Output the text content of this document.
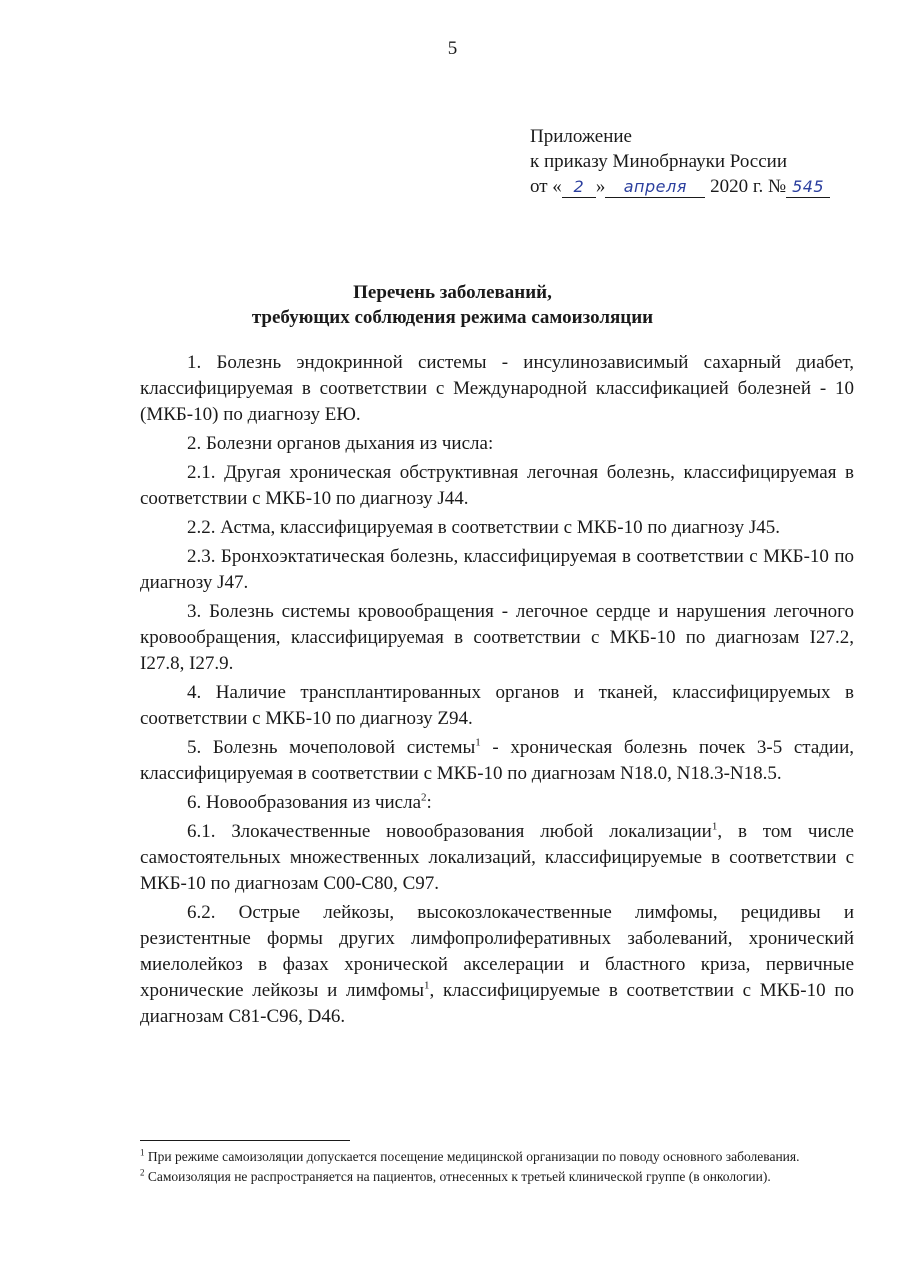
5
Приложение
к приказу Минобрнауки России
от « 2 » апреля 2020 г. № 545
Перечень заболеваний,
требующих соблюдения режима самоизоляции

1. Болезнь эндокринной системы - инсулинозависимый сахарный диабет, классифицируемая в соответствии с Международной классификацией болезней - 10 (МКБ-10) по диагнозу ЕЮ.

2. Болезни органов дыхания из числа:

2.1. Другая хроническая обструктивная легочная болезнь, классифицируемая в соответствии с МКБ-10 по диагнозу J44.

2.2. Астма, классифицируемая в соответствии с МКБ-10 по диагнозу J45.

2.3. Бронхоэктатическая болезнь, классифицируемая в соответствии с МКБ-10 по диагнозу J47.

3. Болезнь системы кровообращения - легочное сердце и нарушения легочного кровообращения, классифицируемая в соответствии с МКБ-10 по диагнозам I27.2, I27.8, I27.9.

4. Наличие трансплантированных органов и тканей, классифицируемых в соответствии с МКБ-10 по диагнозу Z94.

5. Болезнь мочеполовой системы$^1$ - хроническая болезнь почек 3-5 стадии, классифицируемая в соответствии с МКБ-10 по диагнозам N18.0, N18.3-N18.5.

6. Новообразования из числа$^2$:

6.1. Злокачественные новообразования любой локализации$^1$, в том числе самостоятельных множественных локализаций, классифицируемые в соответствии с МКБ-10 по диагнозам С00-С80, С97.

6.2. Острые лейкозы, высокозлокачественные лимфомы, рецидивы и резистентные формы других лимфопролиферативных заболеваний, хронический миелолейкоз в фазах хронической акселерации и бластного криза, первичные хронические лейкозы и лимфомы$^1$, классифицируемые в соответствии с МКБ-10 по диагнозам С81-С96, D46.

$^1$ При режиме самоизоляции допускается посещение медицинской организации по поводу основного заболевания.

$^2$ Самоизоляция не распространяется на пациентов, отнесенных к третьей клинической группе (в онкологии).
